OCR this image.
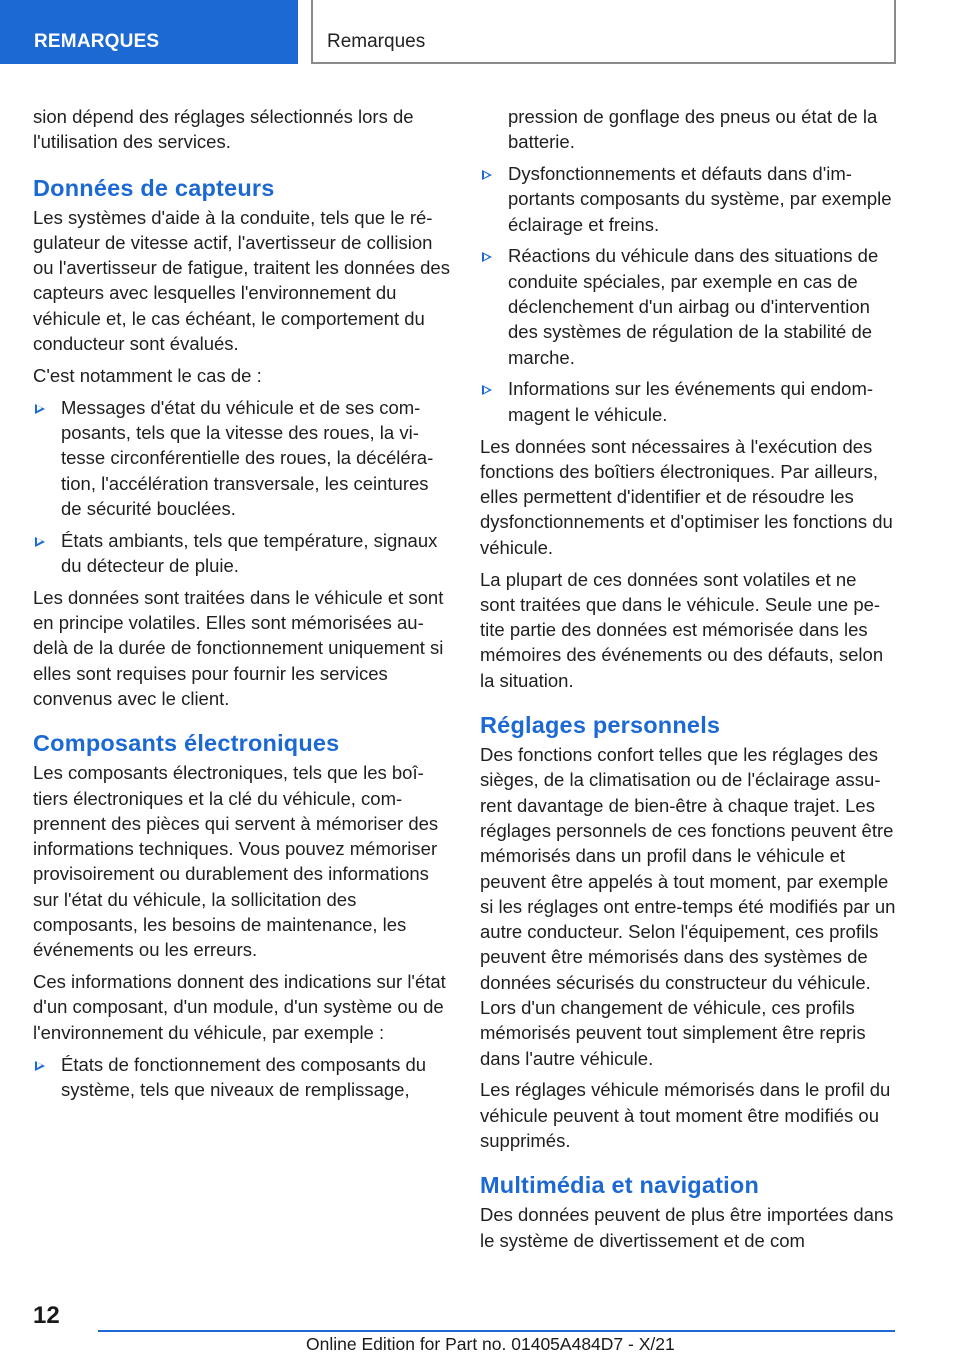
REMARQUES	Remarques

sion dépend des réglages sélectionnés lors de l'utilisation des services.

Données de capteurs

Les systèmes d'aide à la conduite, tels que le régulateur de vitesse actif, l'avertisseur de collision ou l'avertisseur de fatigue, traitent les données des capteurs avec lesquelles l'environnement du véhicule et, le cas échéant, le comportement du conducteur sont évalués.

C'est notamment le cas de :

Messages d'état du véhicule et de ses composants, tels que la vitesse des roues, la vitesse circonférentielle des roues, la décélération, l'accélération transversale, les ceintures de sécurité bouclées.
États ambiants, tels que température, signaux du détecteur de pluie.

Les données sont traitées dans le véhicule et sont en principe volatiles. Elles sont mémorisées au-delà de la durée de fonctionnement uniquement si elles sont requises pour fournir les services convenus avec le client.

Composants électroniques

Les composants électroniques, tels que les boîtiers électroniques et la clé du véhicule, comprennent des pièces qui servent à mémoriser des informations techniques. Vous pouvez mémoriser provisoirement ou durablement des informations sur l'état du véhicule, la sollicitation des composants, les besoins de maintenance, les événements ou les erreurs.

Ces informations donnent des indications sur l'état d'un composant, d'un module, d'un système ou de l'environnement du véhicule, par exemple :

États de fonctionnement des composants du système, tels que niveaux de remplissage,

pression de gonflage des pneus ou état de la batterie.

Dysfonctionnements et défauts dans d'importants composants du système, par exemple éclairage et freins.
Réactions du véhicule dans des situations de conduite spéciales, par exemple en cas de déclenchement d'un airbag ou d'intervention des systèmes de régulation de la stabilité de marche.
Informations sur les événements qui endommagent le véhicule.

Les données sont nécessaires à l'exécution des fonctions des boîtiers électroniques. Par ailleurs, elles permettent d'identifier et de résoudre les dysfonctionnements et d'optimiser les fonctions du véhicule.

La plupart de ces données sont volatiles et ne sont traitées que dans le véhicule. Seule une petite partie des données est mémorisée dans les mémoires des événements ou des défauts, selon la situation.

Réglages personnels

Des fonctions confort telles que les réglages des sièges, de la climatisation ou de l'éclairage assurent davantage de bien-être à chaque trajet. Les réglages personnels de ces fonctions peuvent être mémorisés dans un profil dans le véhicule et peuvent être appelés à tout moment, par exemple si les réglages ont entre-temps été modifiés par un autre conducteur. Selon l'équipement, ces profils peuvent être mémorisés dans des systèmes de données sécurisés du constructeur du véhicule. Lors d'un changement de véhicule, ces profils mémorisés peuvent tout simplement être repris dans l'autre véhicule.

Les réglages véhicule mémorisés dans le profil du véhicule peuvent à tout moment être modifiés ou supprimés.

Multimédia et navigation

Des données peuvent de plus être importées dans le système de divertissement et de com

12
Online Edition for Part no. 01405A484D7 - X/21
